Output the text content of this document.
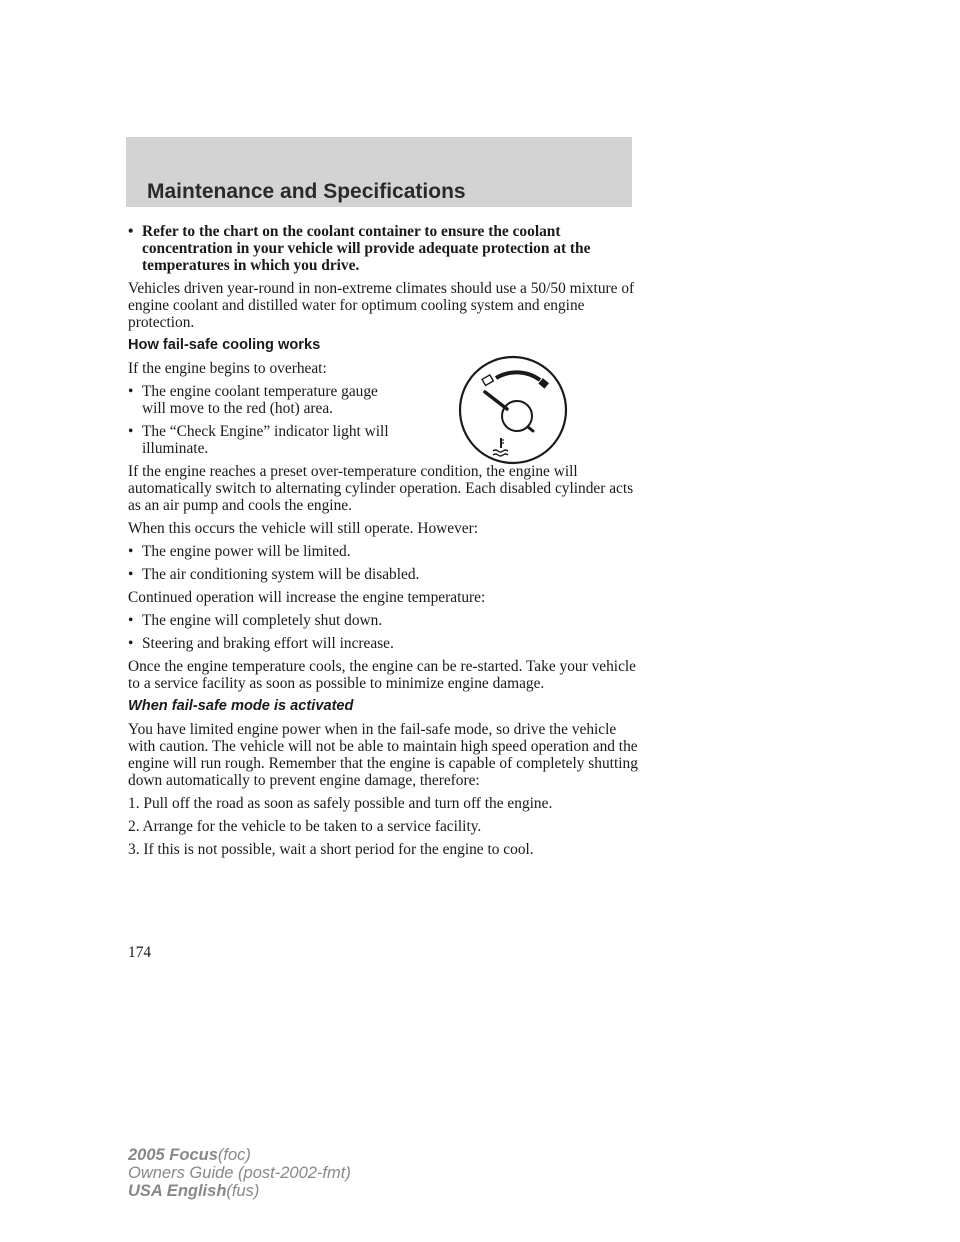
Maintenance and Specifications
• Refer to the chart on the coolant container to ensure the coolant concentration in your vehicle will provide adequate protection at the temperatures in which you drive.
Vehicles driven year-round in non-extreme climates should use a 50/50 mixture of engine coolant and distilled water for optimum cooling system and engine protection.
How fail-safe cooling works
If the engine begins to overheat:
• The engine coolant temperature gauge will move to the red (hot) area.
• The “Check Engine” indicator light will illuminate.
If the engine reaches a preset over-temperature condition, the engine will automatically switch to alternating cylinder operation. Each disabled cylinder acts as an air pump and cools the engine.
When this occurs the vehicle will still operate. However:
• The engine power will be limited.
• The air conditioning system will be disabled.
Continued operation will increase the engine temperature:
• The engine will completely shut down.
• Steering and braking effort will increase.
Once the engine temperature cools, the engine can be re-started. Take your vehicle to a service facility as soon as possible to minimize engine damage.
When fail-safe mode is activated
You have limited engine power when in the fail-safe mode, so drive the vehicle with caution. The vehicle will not be able to maintain high speed operation and the engine will run rough. Remember that the engine is capable of completely shutting down automatically to prevent engine damage, therefore:
1. Pull off the road as soon as safely possible and turn off the engine.
2. Arrange for the vehicle to be taken to a service facility.
3. If this is not possible, wait a short period for the engine to cool.
174
2005 Focus(foc)
Owners Guide (post-2002-fmt)
USA English(fus)
